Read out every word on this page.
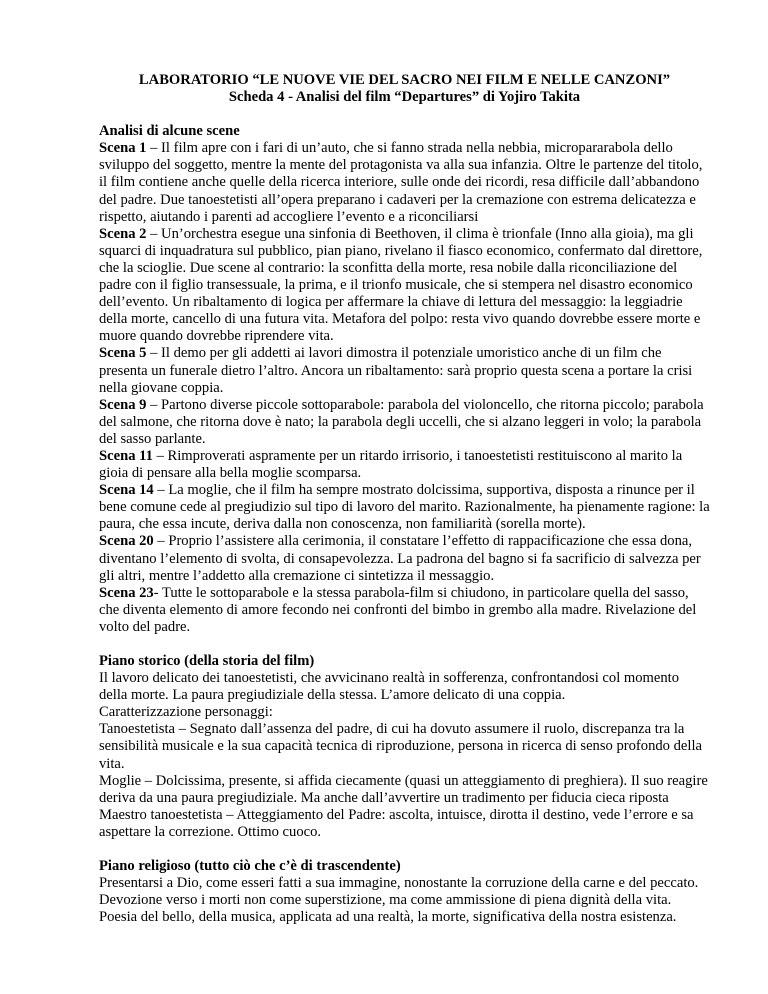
LABORATORIO “LE NUOVE VIE DEL SACRO NEI FILM E NELLE CANZONI”

Scheda 4 - Analisi del film “Departures” di Yojiro Takita

Analisi di alcune scene

Scena 1 – Il film apre con i fari di un’auto, che si fanno strada nella nebbia, micropararabola dello sviluppo del soggetto, mentre la mente del protagonista va alla sua infanzia. Oltre le partenze del titolo, il film contiene anche quelle della ricerca interiore, sulle onde dei ricordi, resa difficile dall’abbandono del padre. Due tanoestetisti all’opera preparano i cadaveri per la cremazione con estrema delicatezza e rispetto, aiutando i parenti ad accogliere l’evento e a riconciliarsi

Scena 2 – Un’orchestra esegue una sinfonia di Beethoven, il clima è trionfale (Inno alla gioia), ma gli squarci di inquadratura sul pubblico, pian piano, rivelano il fiasco economico, confermato dal direttore, che la scioglie. Due scene al contrario: la sconfitta della morte, resa nobile dalla riconciliazione del padre con il figlio transessuale, la prima, e il trionfo musicale, che si stempera nel disastro economico dell’evento. Un ribaltamento di logica per affermare la chiave di lettura del messaggio: la leggiadrie della morte, cancello di una futura vita. Metafora del polpo: resta vivo quando dovrebbe essere morte e muore quando dovrebbe riprendere vita.

Scena 5 – Il demo per gli addetti ai lavori dimostra il potenziale umoristico anche di un film che presenta un funerale dietro l’altro. Ancora un ribaltamento: sarà proprio questa scena a portare la crisi nella giovane coppia.

Scena 9 – Partono diverse piccole sottoparabole: parabola del violoncello, che ritorna piccolo; parabola del salmone, che ritorna dove è nato; la parabola degli uccelli, che si alzano leggeri in volo; la parabola del sasso parlante.

Scena 11 – Rimproverati aspramente per un ritardo irrisorio, i tanoestetisti restituiscono al marito la gioia di pensare alla bella moglie scomparsa.

Scena 14 – La moglie, che il film ha sempre mostrato dolcissima, supportiva, disposta a rinunce per il bene comune cede al pregiudizio sul tipo di lavoro del marito. Razionalmente, ha pienamente ragione: la paura, che essa incute, deriva dalla non conoscenza, non familiarità (sorella morte).

Scena 20 – Proprio l’assistere alla cerimonia, il constatare l’effetto di rappacificazione che essa dona, diventano l’elemento di svolta, di consapevolezza. La padrona del bagno si fa sacrificio di salvezza per gli altri, mentre l’addetto alla cremazione ci sintetizza il messaggio.

Scena 23- Tutte le sottoparabole e la stessa parabola-film si chiudono, in particolare quella del sasso, che diventa elemento di amore fecondo nei confronti del bimbo in grembo alla madre. Rivelazione del volto del padre.

Piano storico (della storia del film)

Il lavoro delicato dei tanoestetisti, che avvicinano realtà in sofferenza, confrontandosi col momento della morte. La paura pregiudiziale della stessa. L’amore delicato di una coppia.

Caratterizzazione personaggi:

Tanoestetista – Segnato dall’assenza del padre, di cui ha dovuto assumere il ruolo, discrepanza tra la sensibilità musicale e la sua capacità tecnica di riproduzione, persona in ricerca di senso profondo della vita.

Moglie – Dolcissima, presente, si affida ciecamente (quasi un atteggiamento di preghiera). Il suo reagire deriva da una paura pregiudiziale. Ma anche dall’avvertire un tradimento per fiducia cieca riposta

Maestro tanoestetista – Atteggiamento del Padre: ascolta, intuisce, dirotta il destino, vede l’errore e sa aspettare la correzione. Ottimo cuoco.

Piano religioso (tutto ciò che c’è di trascendente)

Presentarsi a Dio, come esseri fatti a sua immagine, nonostante la corruzione della carne e del peccato. Devozione verso i morti non come superstizione, ma come ammissione di piena dignità della vita. Poesia del bello, della musica, applicata ad una realtà, la morte, significativa della nostra esistenza.
